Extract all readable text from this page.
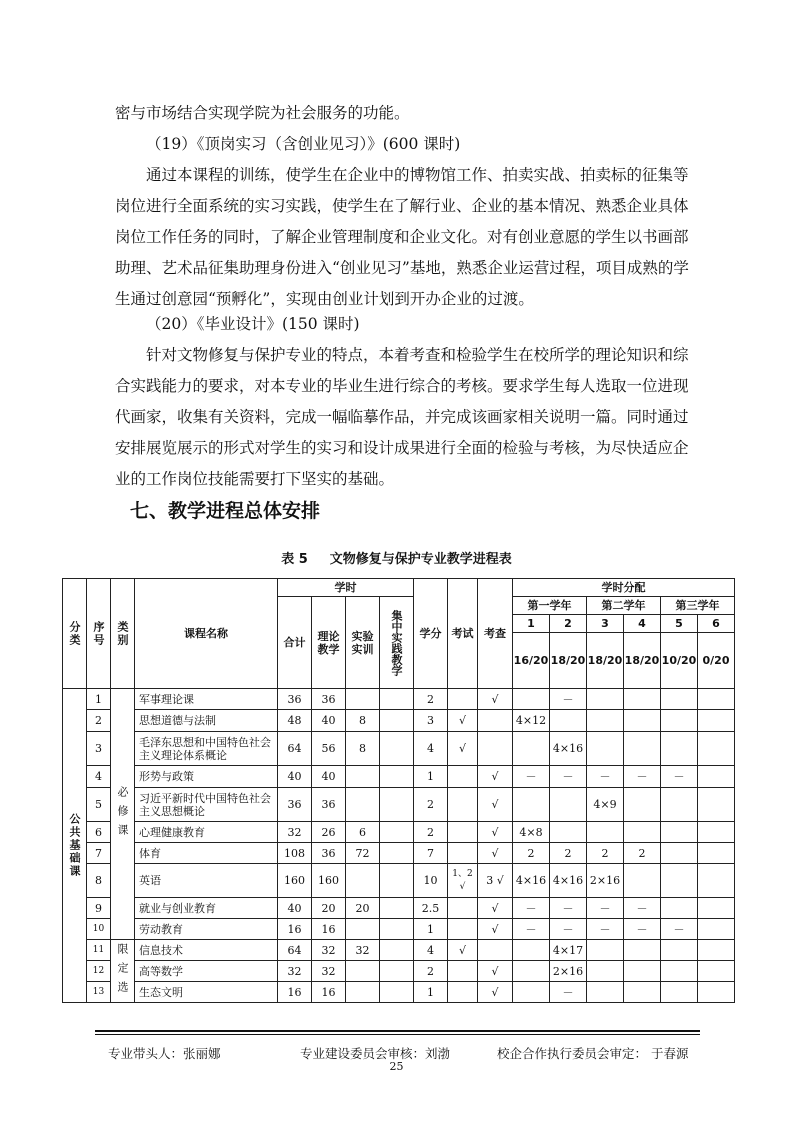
密与市场结合实现学院为社会服务的功能。

（19）《顶岗实习（含创业见习）》(600 课时)

通过本课程的训练，使学生在企业中的博物馆工作、拍卖实战、拍卖标的征集等岗位进行全面系统的实习实践，使学生在了解行业、企业的基本情况、熟悉企业具体岗位工作任务的同时，了解企业管理制度和企业文化。对有创业意愿的学生以书画部助理、艺术品征集助理身份进入“创业见习”基地，熟悉企业运营过程，项目成熟的学生通过创意园“预孵化”，实现由创业计划到开办企业的过渡。

（20）《毕业设计》(150 课时)

针对文物修复与保护专业的特点，本着考查和检验学生在校所学的理论知识和综合实践能力的要求，对本专业的毕业生进行综合的考核。要求学生每人选取一位进现代画家，收集有关资料，完成一幅临摹作品，并完成该画家相关说明一篇。同时通过安排展览展示的形式对学生的实习和设计成果进行全面的检验与考核，为尽快适应企业的工作岗位技能需要打下坚实的基础。

七、教学进程总体安排
表 5 文物修复与保护专业教学进程表
分类	序号	类别	课程名称	学时				学分	考试	考查	学时分配					
				合计	理论教学	实验实训	集中实践教学				第一学年		第二学年		第三学年	
											1	2	3	4	5	6
											16/20	18/20	18/20	18/20	10/20	0/20

公共基础课	1	必修课	军事理论课	36	36			2		√		－				
	2		思想道德与法制	48	40	8		3	√		4×12					
	3		毛泽东思想和中国特色社会主义理论体系概论	64	56	8		4	√			4×16				
	4		形势与政策	40	40			1		√	－	－	－	－	－	
	5		习近平新时代中国特色社会主义思想概论	36	36			2		√			4×9			
	6		心理健康教育	32	26	6		2		√	4×8					
	7		体育	108	36	72		7		√	2	2	2	2		
	8		英语	160	160			10	1、2 √	3 √	4×16	4×16	2×16			
	9		就业与创业教育	40	20	20		2.5		√	－	－	－	－		
	10		劳动教育	16	16			1		√	－	－	－	－	－	
	11	限定选	信息技术	64	32	32		4	√			4×17				
	12		高等数学	32	32			2		√		2×16				
	13		生态文明	16	16			1		√		－				
专业带头人：张丽娜	专业建设委员会审核：刘渤	校企合作执行委员会审定： 于春源
25
